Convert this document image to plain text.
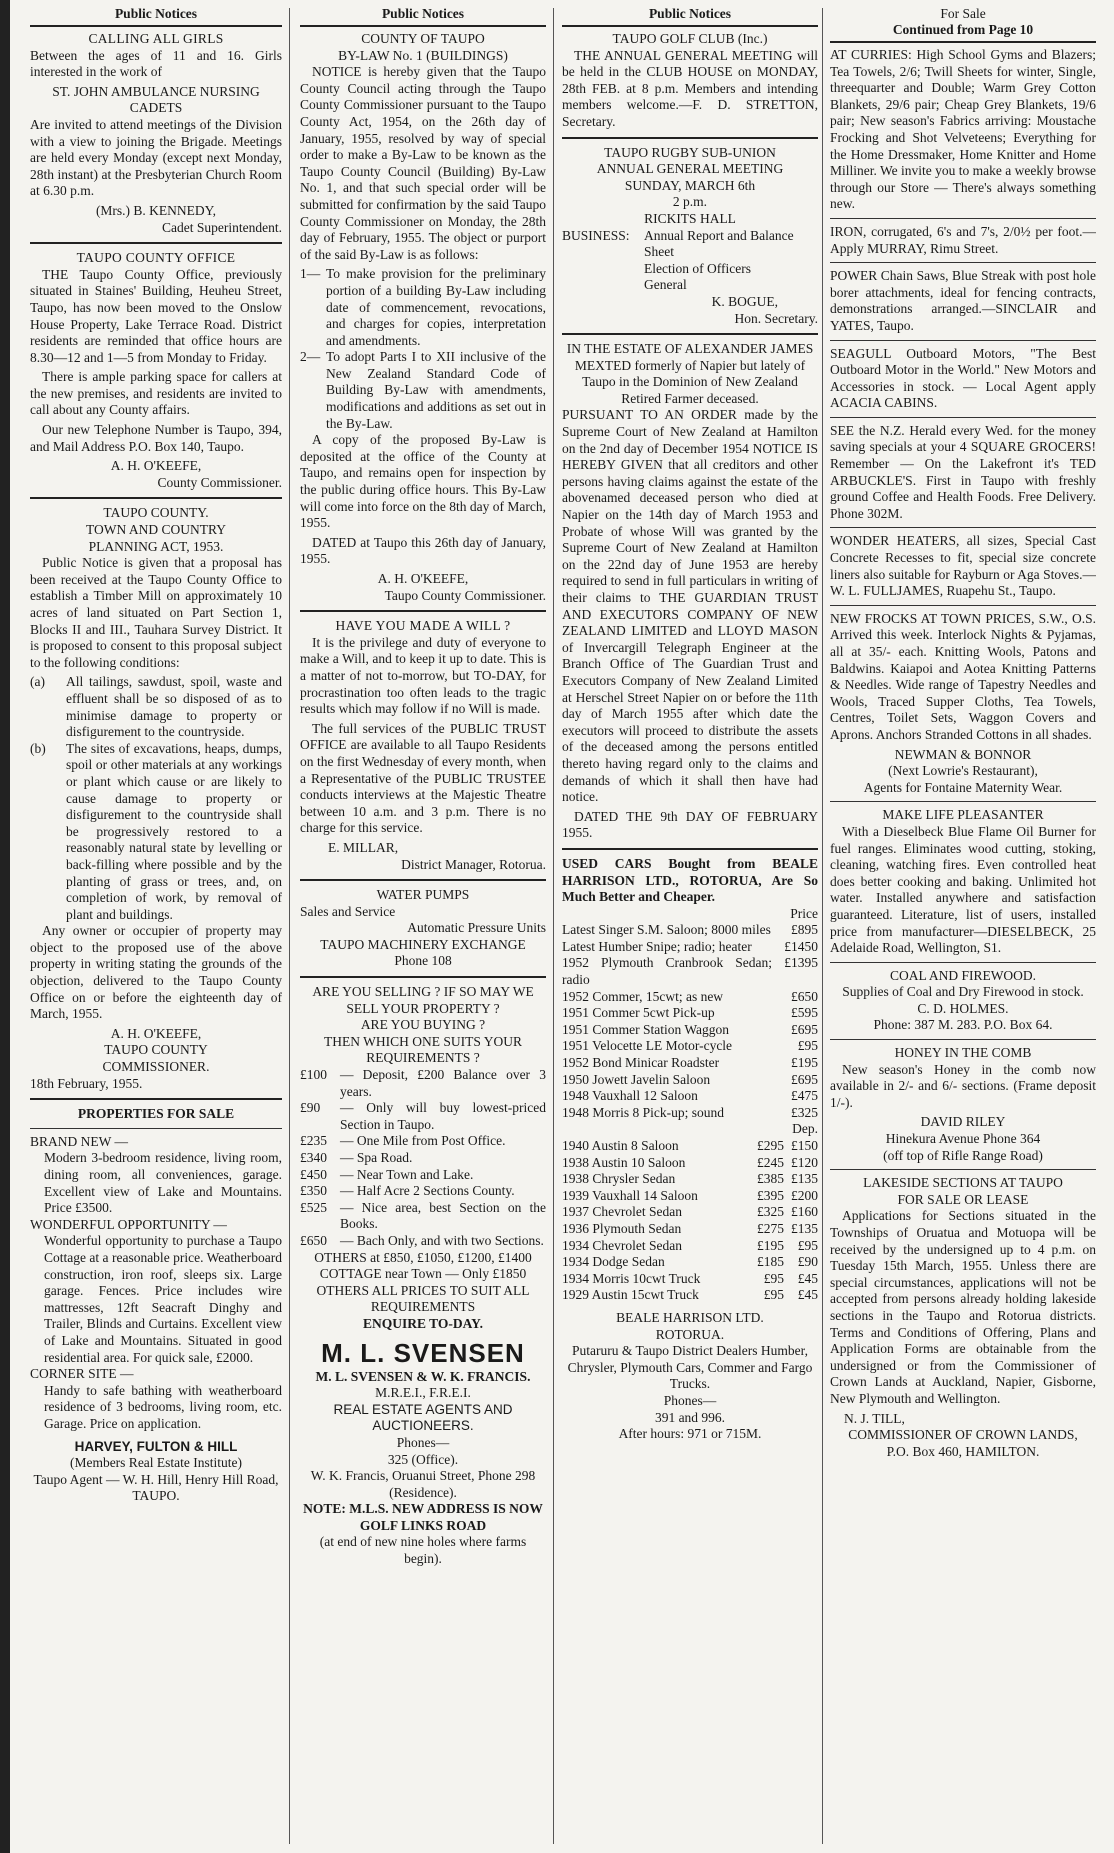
Public Notices
CALLING ALL GIRLS

Between the ages of 11 and 16. Girls interested in the work of

ST. JOHN AMBULANCE NURSING CADETS

Are invited to attend meetings of the Division with a view to joining the Brigade. Meetings are held every Monday (except next Monday, 28th instant) at the Presbyterian Church Room at 6.30 p.m.

(Mrs.) B. KENNEDY,
Cadet Superintendent.
TAUPO COUNTY OFFICE

THE Taupo County Office, previously situated in Staines' Building, Heuheu Street, Taupo, has now been moved to the Onslow House Property, Lake Terrace Road. District residents are reminded that office hours are 8.30—12 and 1—5 from Monday to Friday.

There is ample parking space for callers at the new premises, and residents are invited to call about any County affairs.

Our new Telephone Number is Taupo, 394, and Mail Address P.O. Box 140, Taupo.

A. H. O'KEEFE,
County Commissioner.
TAUPO COUNTY.
TOWN AND COUNTRY
PLANNING ACT, 1953.

Public Notice is given that a proposal has been received at the Taupo County Office to establish a Timber Mill on approximately 10 acres of land situated on Part Section 1, Blocks II and III., Tauhara Survey District. It is proposed to consent to this proposal subject to the following conditions:

(a)	All tailings, sawdust, spoil, waste and effluent shall be so disposed of as to minimise damage to property or disfigurement to the countryside.
(b)	The sites of excavations, heaps, dumps, spoil or other materials at any workings or plant which cause or are likely to cause damage to property or disfigurement to the countryside shall be progressively restored to a reasonably natural state by levelling or back-filling where possible and by the planting of grass or trees, and, on completion of work, by removal of plant and buildings.

Any owner or occupier of property may object to the proposed use of the above property in writing stating the grounds of the objection, delivered to the Taupo County Office on or before the eighteenth day of March, 1955.

A. H. O'KEEFE,
TAUPO COUNTY
COMMISSIONER.
18th February, 1955.
PROPERTIES FOR SALE
BRAND NEW —
Modern 3-bedroom residence, living room, dining room, all conveniences, garage. Excellent view of Lake and Mountains. Price £3500.
WONDERFUL OPPORTUNITY —
Wonderful opportunity to purchase a Taupo Cottage at a reasonable price. Weatherboard construction, iron roof, sleeps six. Large garage. Fences. Price includes wire mattresses, 12ft Seacraft Dinghy and Trailer, Blinds and Curtains. Excellent view of Lake and Mountains. Situated in good residential area. For quick sale, £2000.
CORNER SITE —
Handy to safe bathing with weatherboard residence of 3 bedrooms, living room, etc. Garage. Price on application.
HARVEY, FULTON & HILL
(Members Real Estate Institute)
Taupo Agent — W. H. Hill, Henry Hill Road, TAUPO.
Public Notices
COUNTY OF TAUPO
BY-LAW No. 1 (BUILDINGS)

NOTICE is hereby given that the Taupo County Council acting through the Taupo County Commissioner pursuant to the Taupo County Act, 1954, on the 26th day of January, 1955, resolved by way of special order to make a By-Law to be known as the Taupo County Council (Building) By-Law No. 1, and that such special order will be submitted for confirmation by the said Taupo County Commissioner on Monday, the 28th day of February, 1955. The object or purport of the said By-Law is as follows:

1— To make provision for the preliminary portion of a building By-Law including date of commencement, revocations, and charges for copies, interpretation and amendments.
2— To adopt Parts I to XII inclusive of the New Zealand Standard Code of Building By-Law with amendments, modifications and additions as set out in the By-Law.

A copy of the proposed By-Law is deposited at the office of the County at Taupo, and remains open for inspection by the public during office hours. This By-Law will come into force on the 8th day of March, 1955.

DATED at Taupo this 26th day of January, 1955.

A. H. O'KEEFE,
Taupo County Commissioner.
HAVE YOU MADE A WILL ?

It is the privilege and duty of everyone to make a Will, and to keep it up to date. This is a matter of not to-morrow, but TO-DAY, for procrastination too often leads to the tragic results which may follow if no Will is made.

The full services of the PUBLIC TRUST OFFICE are available to all Taupo Residents on the first Wednesday of every month, when a Representative of the PUBLIC TRUSTEE conducts interviews at the Majestic Theatre between 10 a.m. and 3 p.m. There is no charge for this service.

E. MILLAR,
District Manager, Rotorua.
WATER PUMPS
Sales and Service
Automatic Pressure Units
TAUPO MACHINERY EXCHANGE
Phone 108
ARE YOU SELLING ? IF SO MAY WE SELL YOUR PROPERTY ?
ARE YOU BUYING ?
THEN WHICH ONE SUITS YOUR REQUIREMENTS ?
£100 — Deposit, £200 Balance over 3 years.
£90	— Only will buy lowest-priced Section in Taupo.
£235 — One Mile from Post Office.
£340 — Spa Road.
£450 — Near Town and Lake.
£350 — Half Acre 2 Sections County.
£525 — Nice area, best Section on the Books.
£650 — Bach Only, and with two Sections.
OTHERS at £850, £1050, £1200, £1400
COTTAGE near Town — Only £1850
OTHERS ALL PRICES TO SUIT ALL REQUIREMENTS
ENQUIRE TO-DAY.
M. L. SVENSEN
M. L. SVENSEN & W. K. FRANCIS.
M.R.E.I., F.R.E.I.
REAL ESTATE AGENTS AND AUCTIONEERS.
Phones—
325 (Office).
W. K. Francis, Oruanui Street, Phone 298 (Residence).
NOTE: M.L.S. NEW ADDRESS IS NOW GOLF LINKS ROAD
(at end of new nine holes where farms begin).
Public Notices
TAUPO GOLF CLUB (Inc.)

THE ANNUAL GENERAL MEETING will be held in the CLUB HOUSE on MONDAY, 28th FEB. at 8 p.m. Members and intending members welcome.—F. D. STRETTON, Secretary.

TAUPO RUGBY SUB-UNION
ANNUAL GENERAL MEETING
SUNDAY, MARCH 6th
2 p.m.
RICKITS HALL
BUSINESS:	Annual Report and Balance Sheet
Election of Officers
General
K. BOGUE,
Hon. Secretary.
IN THE ESTATE OF ALEXANDER JAMES MEXTED formerly of Napier but lately of Taupo in the Dominion of New Zealand Retired Farmer deceased.

PURSUANT TO AN ORDER made by the Supreme Court of New Zealand at Hamilton on the 2nd day of December 1954 NOTICE IS HEREBY GIVEN that all creditors and other persons having claims against the estate of the abovenamed deceased person who died at Napier on the 14th day of March 1953 and Probate of whose Will was granted by the Supreme Court of New Zealand at Hamilton on the 22nd day of June 1953 are hereby required to send in full particulars in writing of their claims to THE GUARDIAN TRUST AND EXECUTORS COMPANY OF NEW ZEALAND LIMITED and LLOYD MASON of Invercargill Telegraph Engineer at the Branch Office of The Guardian Trust and Executors Company of New Zealand Limited at Herschel Street Napier on or before the 11th day of March 1955 after which date the executors will proceed to distribute the assets of the deceased among the persons entitled thereto having regard only to the claims and demands of which it shall then have had notice.

DATED THE 9th DAY OF FEBRUARY 1955.

USED CARS Bought from BEALE HARRISON LTD., ROTORUA, Are So Much Better and Cheaper.
Price
Latest Singer S.M. Saloon; 8000 miles	£895
Latest Humber Snipe; radio; heater	£1450
1952 Plymouth Cranbrook Sedan; radio
£1395
1952 Commer, 15cwt; as new	£650
1951 Commer 5cwt Pick-up	£595
1951 Commer Station Waggon	£695
1951 Velocette LE Motor-cycle	£95
1952 Bond Minicar Roadster	£195
1950 Jowett Javelin Saloon	£695
1948 Vauxhall 12 Saloon	£475
1948 Morris 8 Pick-up; sound	£325
Dep.
1940 Austin 8 Saloon	£295 £150
1938 Austin 10 Saloon	£245 £120
1938 Chrysler Sedan	£385 £135
1939 Vauxhall 14 Saloon	£395 £200
1937 Chevrolet Sedan	£325 £160
1936 Plymouth Sedan	£275 £135
1934 Chevrolet Sedan	£195	£95
1934 Dodge Sedan	£185	£90
1934 Morris 10cwt Truck	£95	£45
1929 Austin 15cwt Truck	£95	£45
BEALE HARRISON LTD.
ROTORUA.
Putaruru & Taupo District Dealers Humber, Chrysler, Plymouth Cars, Commer and Fargo Trucks.
Phones—
391 and 996.
After hours: 971 or 715M.
For Sale
Continued from Page 10

AT CURRIES: High School Gyms and Blazers; Tea Towels, 2/6; Twill Sheets for winter, Single, threequarter and Double; Warm Grey Cotton Blankets, 29/6 pair; Cheap Grey Blankets, 19/6 pair; New season's Fabrics arriving: Moustache Frocking and Shot Velveteens; Everything for the Home Dressmaker, Home Knitter and Home Milliner. We invite you to make a weekly browse through our Store — There's always something new.

IRON, corrugated, 6's and 7's, 2/0½ per foot.—Apply MURRAY, Rimu Street.

POWER Chain Saws, Blue Streak with post hole borer attachments, ideal for fencing contracts, demonstrations arranged.—SINCLAIR and YATES, Taupo.

SEAGULL Outboard Motors, "The Best Outboard Motor in the World." New Motors and Accessories in stock. — Local Agent apply ACACIA CABINS.

SEE the N.Z. Herald every Wed. for the money saving specials at your 4 SQUARE GROCERS! Remember — On the Lakefront it's TED ARBUCKLE'S. First in Taupo with freshly ground Coffee and Health Foods. Free Delivery. Phone 302M.

WONDER HEATERS, all sizes, Special Cast Concrete Recesses to fit, special size concrete liners also suitable for Rayburn or Aga Stoves.—W. L. FULLJAMES, Ruapehu St., Taupo.

NEW FROCKS AT TOWN PRICES, S.W., O.S. Arrived this week. Interlock Nights & Pyjamas, all at 35/- each. Knitting Wools, Patons and Baldwins. Kaiapoi and Aotea Knitting Patterns & Needles. Wide range of Tapestry Needles and Wools, Traced Supper Cloths, Tea Towels, Centres, Toilet Sets, Waggon Covers and Aprons. Anchors Stranded Cottons in all shades.

NEWMAN & BONNOR
(Next Lowrie's Restaurant),
Agents for Fontaine Maternity Wear.
MAKE LIFE PLEASANTER

With a Dieselbeck Blue Flame Oil Burner for fuel ranges. Eliminates wood cutting, stoking, cleaning, watching fires. Even controlled heat does better cooking and baking. Unlimited hot water. Installed anywhere and satisfaction guaranteed. Literature, list of users, installed price from manufacturer—DIESELBECK, 25 Adelaide Road, Wellington, S1.

COAL AND FIREWOOD.
Supplies of Coal and Dry Firewood in stock.
C. D. HOLMES.
Phone: 387 M. 283. P.O. Box 64.
HONEY IN THE COMB

New season's Honey in the comb now available in 2/- and 6/- sections. (Frame deposit 1/-).

DAVID RILEY
Hinekura Avenue Phone 364
(off top of Rifle Range Road)
LAKESIDE SECTIONS AT TAUPO
FOR SALE OR LEASE

Applications for Sections situated in the Townships of Oruatua and Motuopa will be received by the undersigned up to 4 p.m. on Tuesday 15th March, 1955. Unless there are special circumstances, applications will not be accepted from persons already holding lakeside sections in the Taupo and Rotorua districts. Terms and Conditions of Offering, Plans and Application Forms are obtainable from the undersigned or from the Commissioner of Crown Lands at Auckland, Napier, Gisborne, New Plymouth and Wellington.

N. J. TILL,
COMMISSIONER OF CROWN LANDS,
P.O. Box 460, HAMILTON.
